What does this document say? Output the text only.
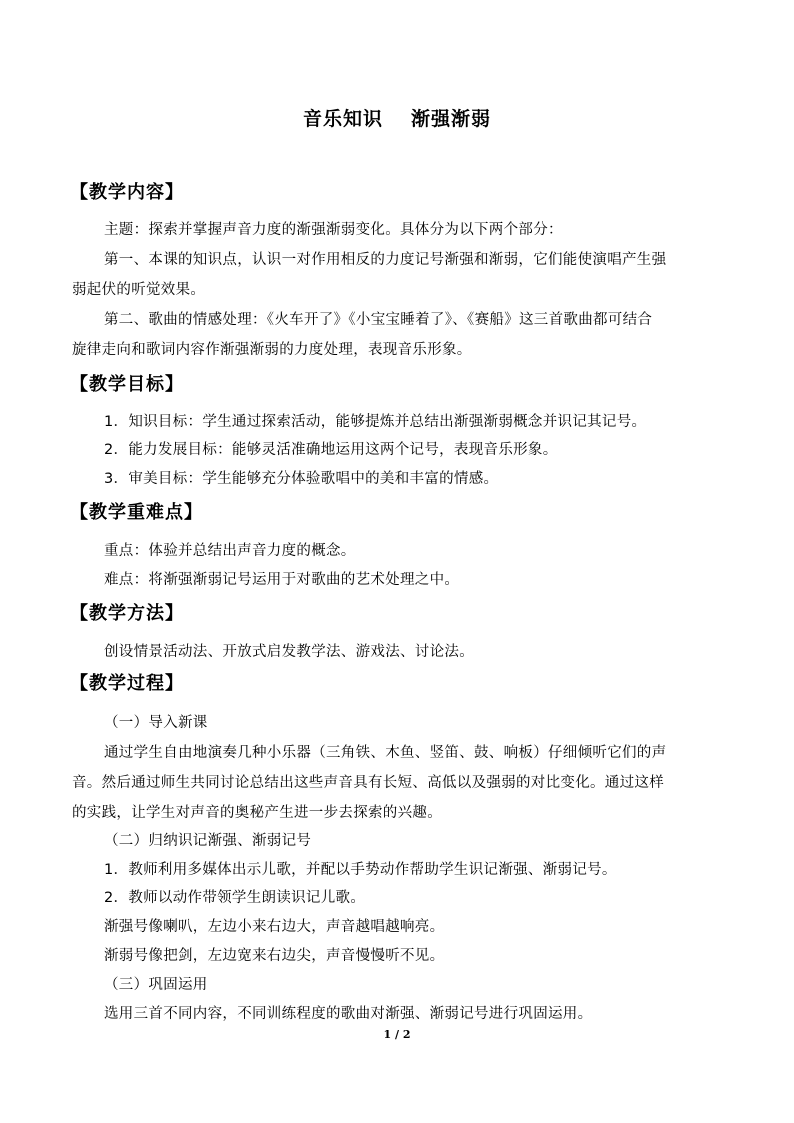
音乐知识 渐强渐弱
【教学内容】
主题：探索并掌握声音力度的渐强渐弱变化。具体分为以下两个部分：
第一、本课的知识点，认识一对作用相反的力度记号渐强和渐弱，它们能使演唱产生强
弱起伏的听觉效果。
第二、歌曲的情感处理：《火车开了》《小宝宝睡着了》、《赛船》这三首歌曲都可结合
旋律走向和歌词内容作渐强渐弱的力度处理，表现音乐形象。
【教学目标】
1．知识目标：学生通过探索活动，能够提炼并总结出渐强渐弱概念并识记其记号。
2．能力发展目标：能够灵活准确地运用这两个记号，表现音乐形象。
3．审美目标：学生能够充分体验歌唱中的美和丰富的情感。
【教学重难点】
重点：体验并总结出声音力度的概念。
难点：将渐强渐弱记号运用于对歌曲的艺术处理之中。
【教学方法】
创设情景活动法、开放式启发教学法、游戏法、讨论法。
【教学过程】
（一）导入新课
通过学生自由地演奏几种小乐器（三角铁、木鱼、竖笛、鼓、响板）仔细倾听它们的声
音。然后通过师生共同讨论总结出这些声音具有长短、高低以及强弱的对比变化。通过这样
的实践，让学生对声音的奥秘产生进一步去探索的兴趣。
（二）归纳识记渐强、渐弱记号
1．教师利用多媒体出示儿歌，并配以手势动作帮助学生识记渐强、渐弱记号。
2．教师以动作带领学生朗读识记儿歌。
渐强号像喇叭，左边小来右边大，声音越唱越响亮。
渐弱号像把剑，左边宽来右边尖，声音慢慢听不见。
（三）巩固运用
选用三首不同内容，不同训练程度的歌曲对渐强、渐弱记号进行巩固运用。
1 / 2
